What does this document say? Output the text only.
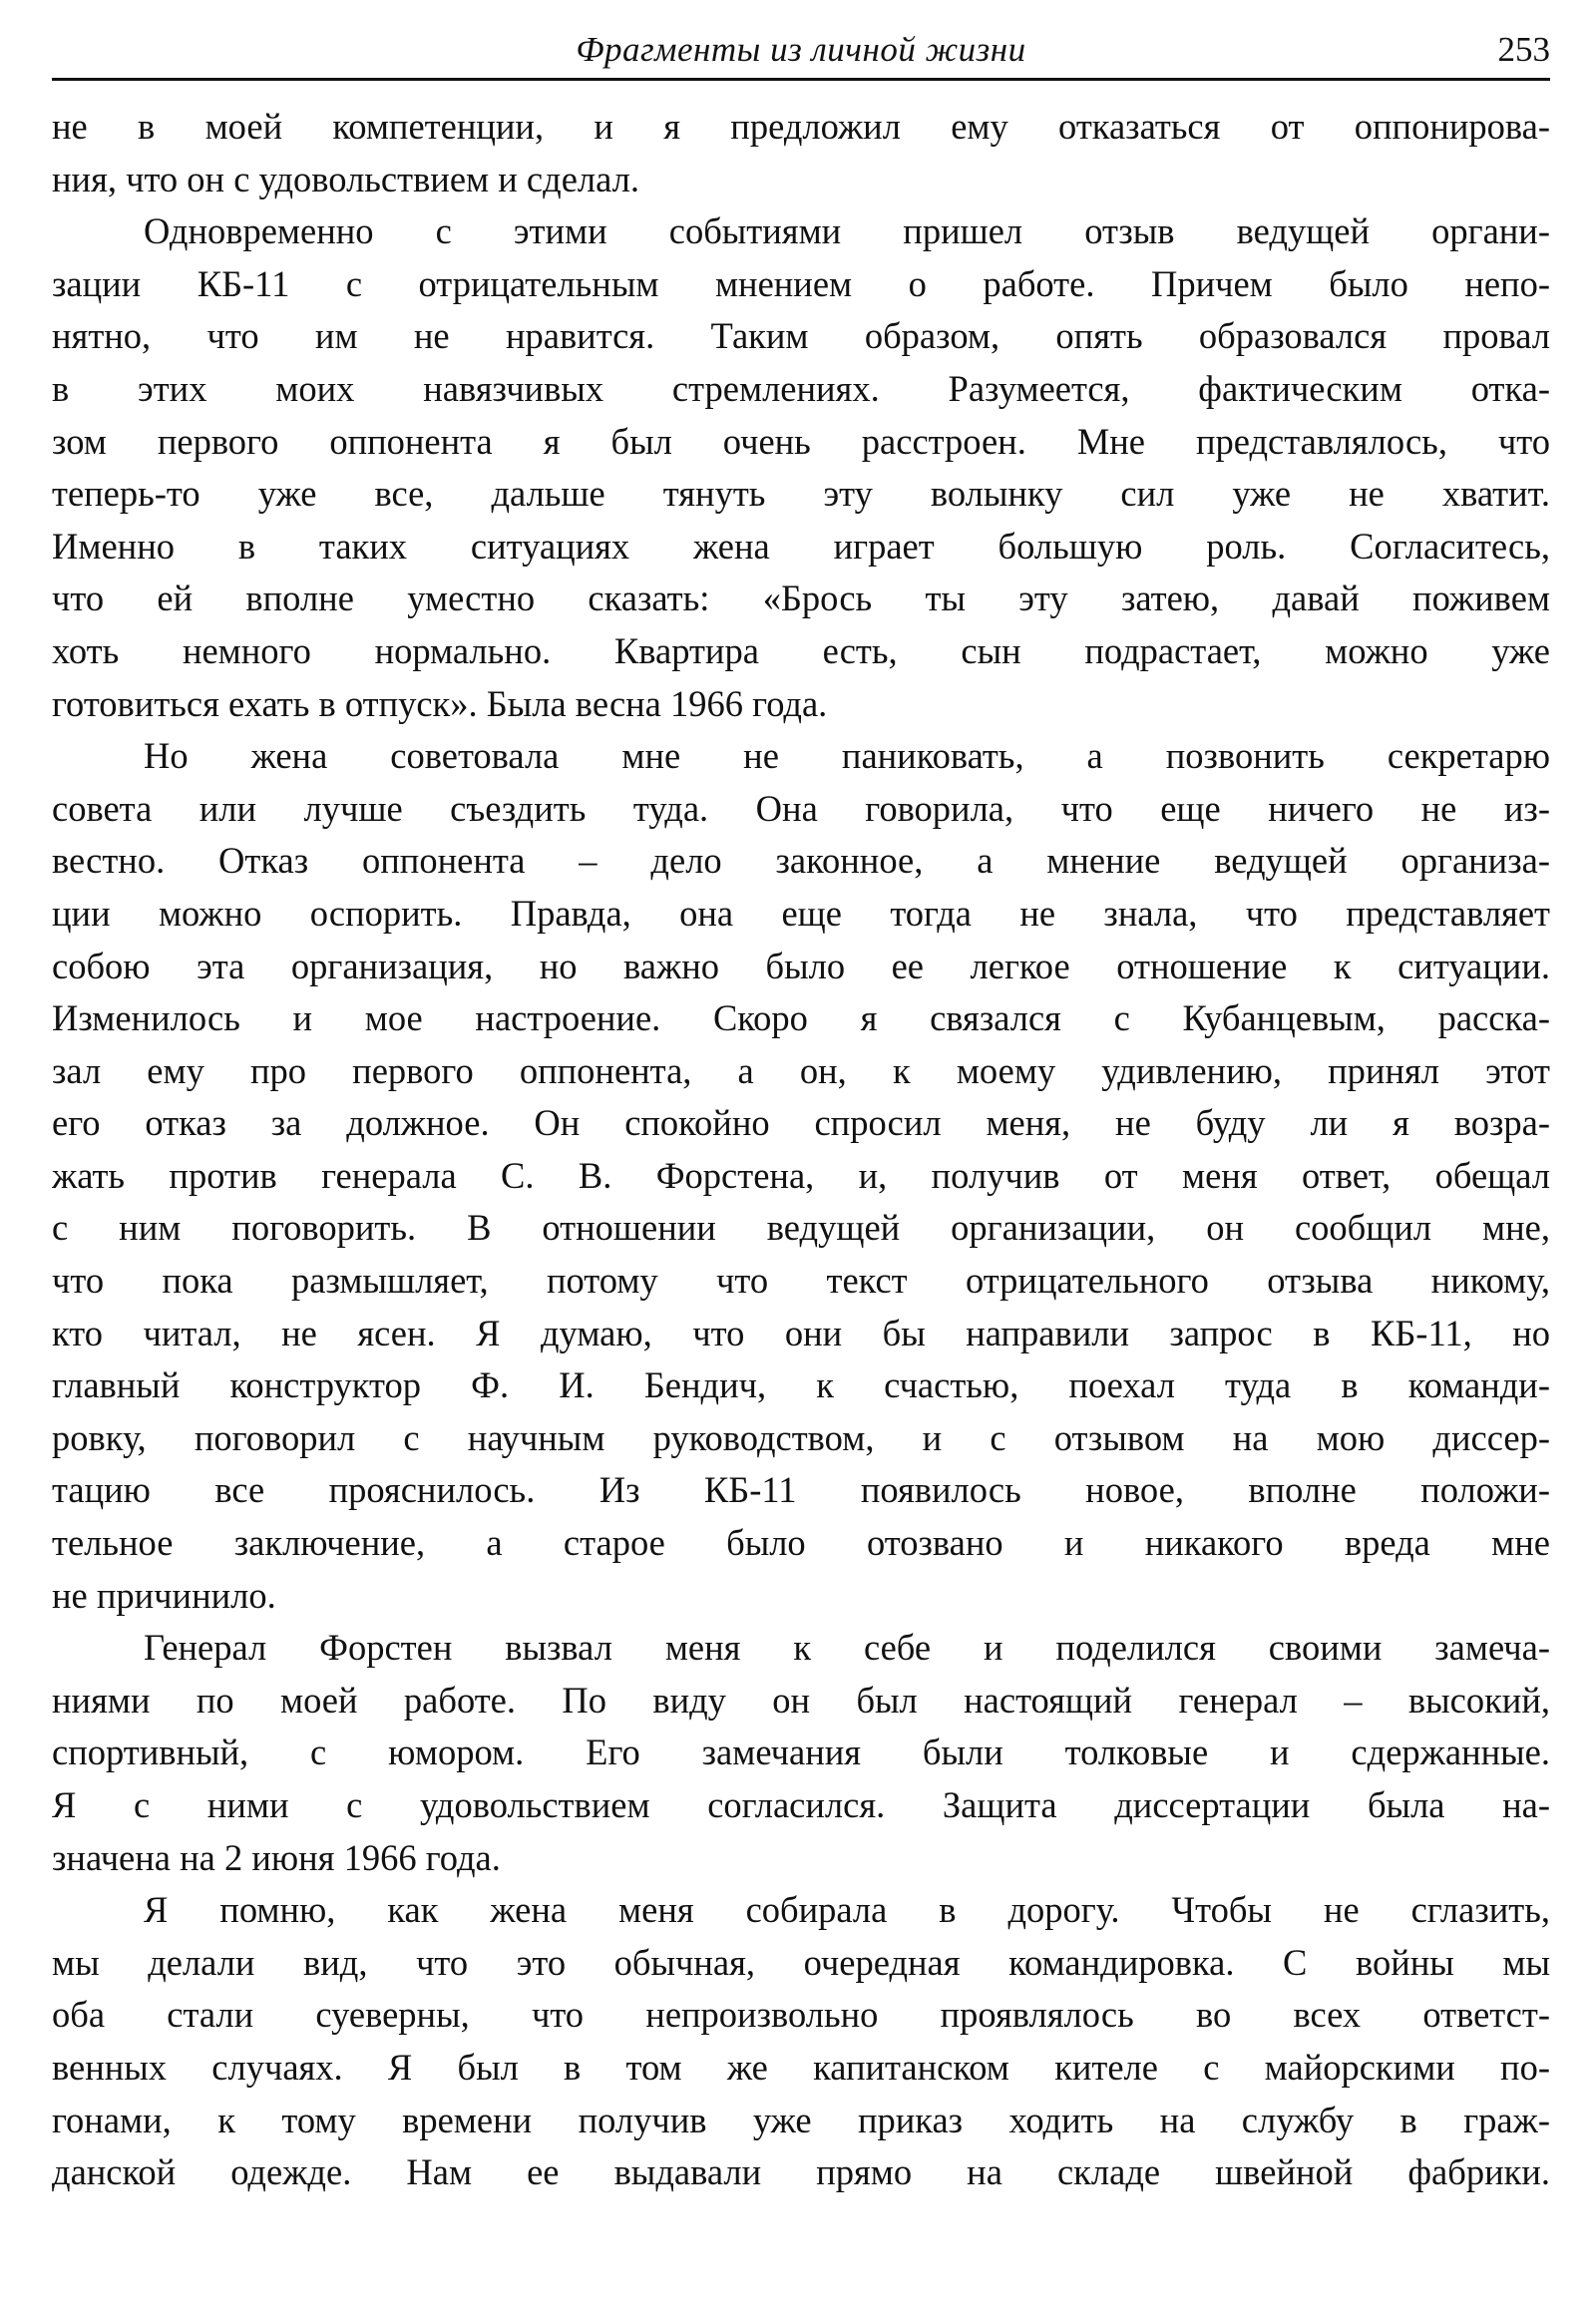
Фрагменты из личной жизни	253
не в моей компетенции, и я предложил ему отказаться от оппонирова-
ния, что он с удовольствием и сделал.
Одновременно с этими событиями пришел отзыв ведущей органи-
зации КБ-11 с отрицательным мнением о работе. Причем было непо-
нятно, что им не нравится. Таким образом, опять образовался провал
в этих моих навязчивых стремлениях. Разумеется, фактическим отка-
зом первого оппонента я был очень расстроен. Мне представлялось, что
теперь-то уже все, дальше тянуть эту волынку сил уже не хватит.
Именно в таких ситуациях жена играет большую роль. Согласитесь,
что ей вполне уместно сказать: «Брось ты эту затею, давай поживем
хоть немного нормально. Квартира есть, сын подрастает, можно уже
готовиться ехать в отпуск». Была весна 1966 года.
Но жена советовала мне не паниковать, а позвонить секретарю
совета или лучше съездить туда. Она говорила, что еще ничего не из-
вестно. Отказ оппонента – дело законное, а мнение ведущей организа-
ции можно оспорить. Правда, она еще тогда не знала, что представляет
собою эта организация, но важно было ее легкое отношение к ситуации.
Изменилось и мое настроение. Скоро я связался с Кубанцевым, расска-
зал ему про первого оппонента, а он, к моему удивлению, принял этот
его отказ за должное. Он спокойно спросил меня, не буду ли я возра-
жать против генерала С. В. Форстена, и, получив от меня ответ, обещал
с ним поговорить. В отношении ведущей организации, он сообщил мне,
что пока размышляет, потому что текст отрицательного отзыва никому,
кто читал, не ясен. Я думаю, что они бы направили запрос в КБ-11, но
главный конструктор Ф. И. Бендич, к счастью, поехал туда в команди-
ровку, поговорил с научным руководством, и с отзывом на мою диссер-
тацию все прояснилось. Из КБ-11 появилось новое, вполне положи-
тельное заключение, а старое было отозвано и никакого вреда мне
не причинило.
Генерал Форстен вызвал меня к себе и поделился своими замеча-
ниями по моей работе. По виду он был настоящий генерал – высокий,
спортивный, с юмором. Его замечания были толковые и сдержанные.
Я с ними с удовольствием согласился. Защита диссертации была на-
значена на 2 июня 1966 года.
Я помню, как жена меня собирала в дорогу. Чтобы не сглазить,
мы делали вид, что это обычная, очередная командировка. С войны мы
оба стали суеверны, что непроизвольно проявлялось во всех ответст-
венных случаях. Я был в том же капитанском кителе с майорскими по-
гонами, к тому времени получив уже приказ ходить на службу в граж-
данской одежде. Нам ее выдавали прямо на складе швейной фабрики.
